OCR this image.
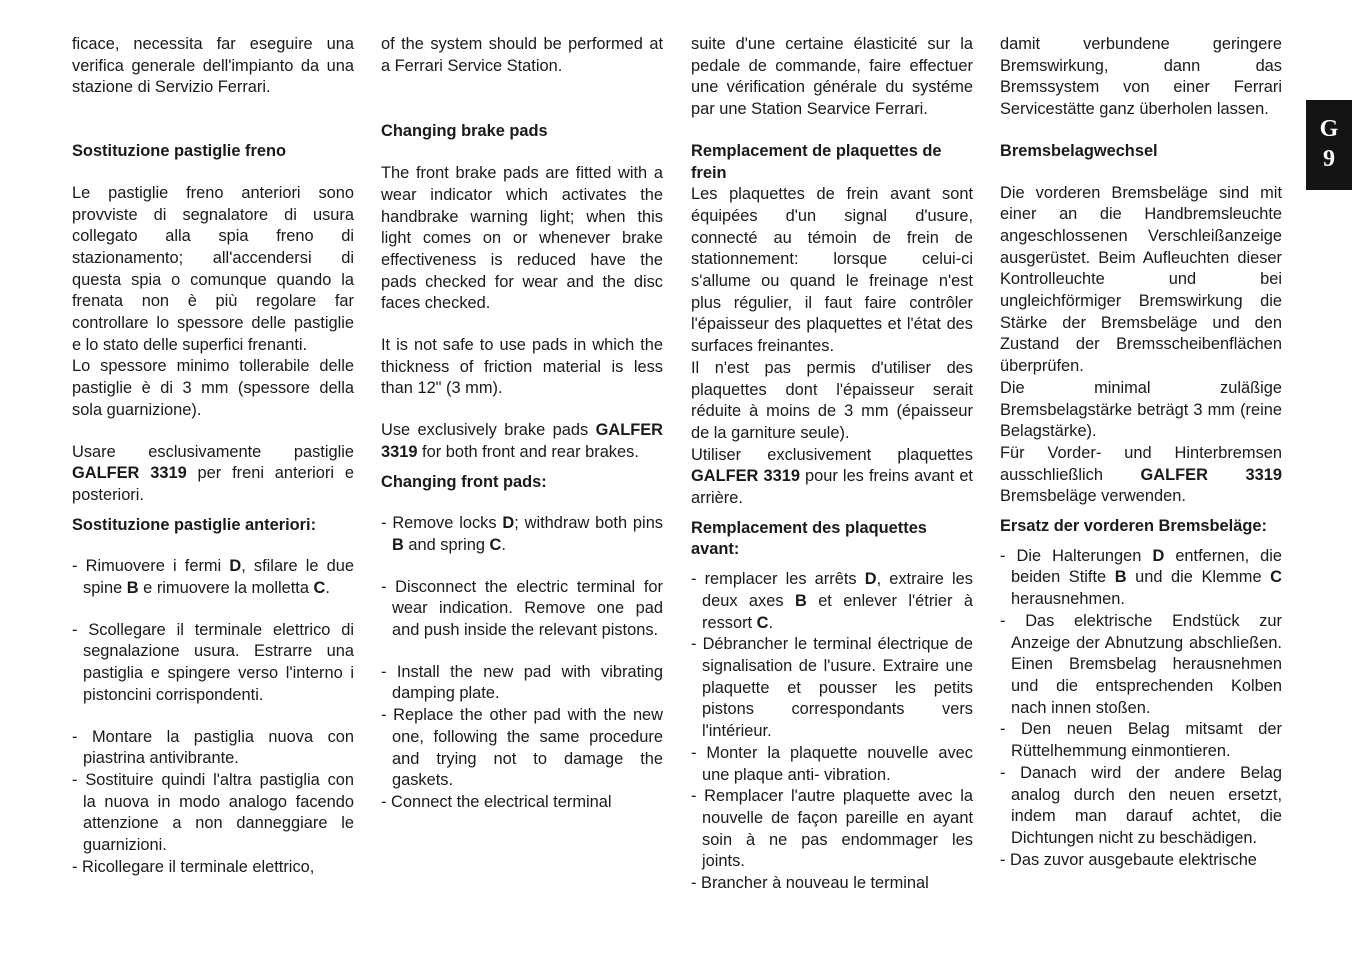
ficace, necessita far eseguire una verifica generale dell'impianto da una stazione di Servizio Ferrari.

Sostituzione pastiglie freno

Le pastiglie freno anteriori sono provviste di segnalatore di usura collegato alla spia freno di stazionamento; all'accendersi di questa spia o comunque quando la frenata non è più regolare far controllare lo spessore delle pastiglie e lo stato delle superfici frenanti.

Lo spessore minimo tollerabile delle pastiglie è di 3 mm (spessore della sola guarnizione).

Usare esclusivamente pastiglie GALFER 3319 per freni anteriori e posteriori.

Sostituzione pastiglie anteriori:
- Rimuovere i fermi D, sfilare le due spine B e rimuovere la molletta C.
- Scollegare il terminale elettrico di segnalazione usura. Estrarre una pastiglia e spingere verso l'interno i pistoncini corrispondenti.
- Montare la pastiglia nuova con piastrina antivibrante.
- Sostituire quindi l'altra pastiglia con la nuova in modo analogo facendo attenzione a non danneggiare le guarnizioni.
- Ricollegare il terminale elettrico,

of the system should be performed at a Ferrari Service Station.

Changing brake pads

The front brake pads are fitted with a wear indicator which activates the handbrake warning light; when this light comes on or whenever brake effectiveness is reduced have the pads checked for wear and the disc faces checked.

It is not safe to use pads in which the thickness of friction material is less than 12" (3 mm).

Use exclusively brake pads GALFER 3319 for both front and rear brakes.

Changing front pads:
- Remove locks D; withdraw both pins B and spring C.
- Disconnect the electric terminal for wear indication. Remove one pad and push inside the relevant pistons.
- Install the new pad with vibrating damping plate.
- Replace the other pad with the new one, following the same procedure and trying not to damage the gaskets.
- Connect the electrical terminal

suite d'une certaine élasticité sur la pedale de commande, faire effectuer une vérification générale du systéme par une Station Searvice Ferrari.

Remplacement de plaquettes de frein

Les plaquettes de frein avant sont équipées d'un signal d'usure, connecté au témoin de frein de stationnement: lorsque celui-ci s'allume ou quand le freinage n'est plus régulier, il faut faire contrôler l'épaisseur des plaquettes et l'état des surfaces freinantes.

Il n'est pas permis d'utiliser des plaquettes dont l'épaisseur serait réduite à moins de 3 mm (épaisseur de la garniture seule).

Utiliser exclusivement plaquettes GALFER 3319 pour les freins avant et arrière.

Remplacement des plaquettes avant:
- remplacer les arrêts D, extraire les deux axes B et enlever l'étrier à ressort C.
- Débrancher le terminal électrique de signalisation de l'usure. Extraire une plaquette et pousser les petits pistons correspondants vers l'intérieur.
- Monter la plaquette nouvelle avec une plaque anti- vibration.
- Remplacer l'autre plaquette avec la nouvelle de façon pareille en ayant soin à ne pas endommager les joints.
- Brancher à nouveau le terminal

damit verbundene geringere Bremswirkung, dann das Bremssystem von einer Ferrari Servicestätte ganz überholen lassen.

Bremsbelagwechsel

Die vorderen Bremsbeläge sind mit einer an die Handbremsleuchte angeschlossenen Verschleißanzeige ausgerüstet. Beim Aufleuchten dieser Kontrolleuchte und bei ungleichförmiger Bremswirkung die Stärke der Bremsbeläge und den Zustand der Bremsscheibenflächen überprüfen.

Die minimal zuläßige Bremsbelagstärke beträgt 3 mm (reine Belagstärke).

Für Vorder- und Hinterbremsen ausschließlich GALFER 3319 Bremsbeläge verwenden.

Ersatz der vorderen Bremsbeläge:
- Die Halterungen D entfernen, die beiden Stifte B und die Klemme C herausnehmen.
- Das elektrische Endstück zur Anzeige der Abnutzung abschließen. Einen Bremsbelag herausnehmen und die entsprechenden Kolben nach innen stoßen.
- Den neuen Belag mitsamt der Rüttelhemmung einmontieren.
- Danach wird der andere Belag analog durch den neuen ersetzt, indem man darauf achtet, die Dichtungen nicht zu beschädigen.
- Das zuvor ausgebaute elektrische
G
9
